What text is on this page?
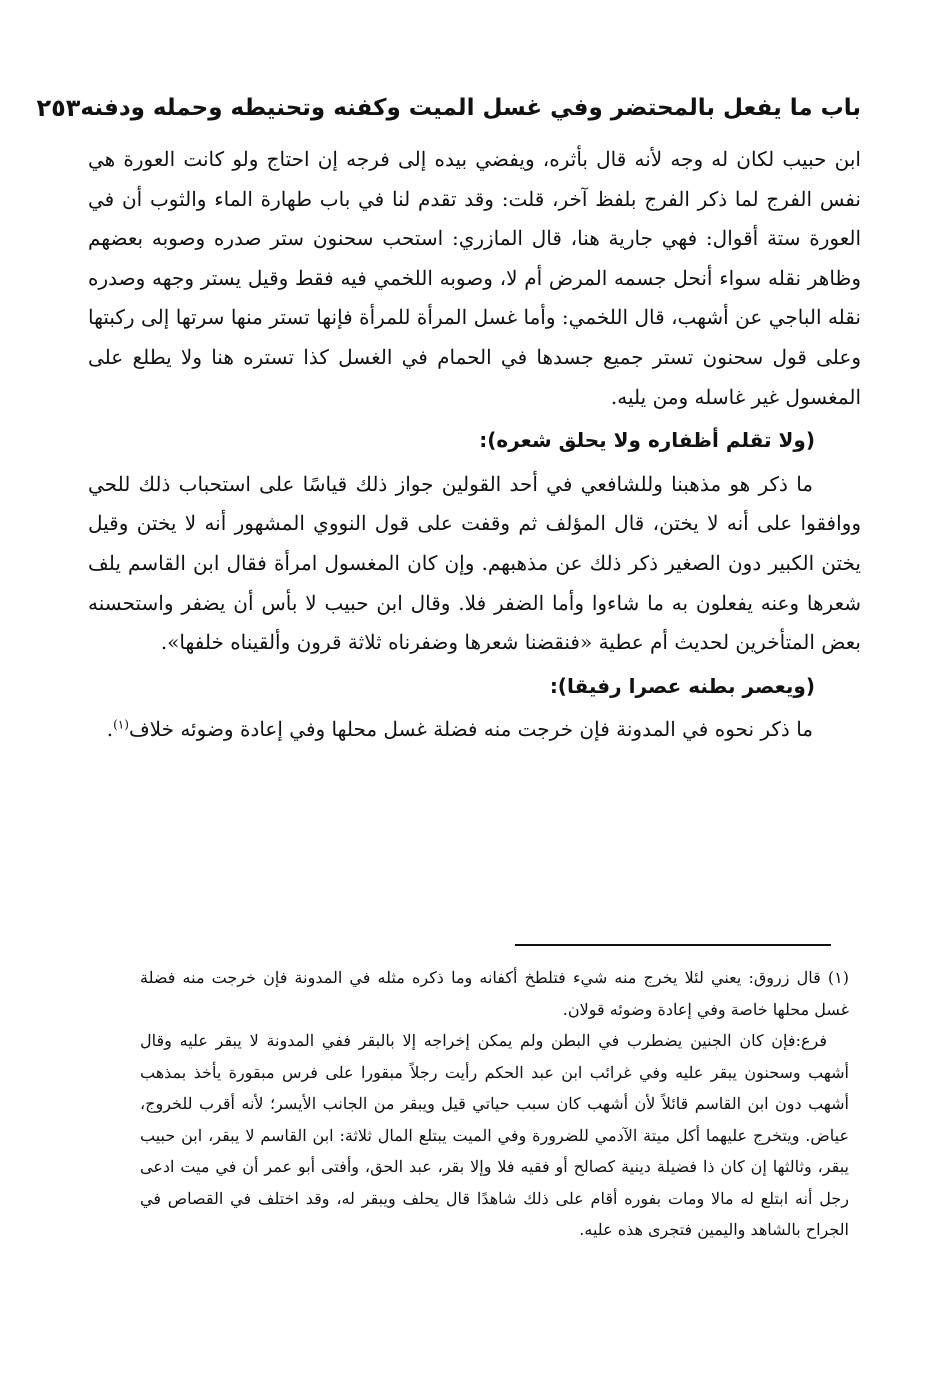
باب ما يفعل بالمحتضر وفي غسل الميت وكفنه وتحنيطه وحمله ودفنه
٢٥٣

ابن حبيب لكان له وجه لأنه قال بأثره، ويفضي بيده إلى فرجه إن احتاج ولو كانت العورة هي نفس الفرج لما ذكر الفرج بلفظ آخر، قلت: وقد تقدم لنا في باب طهارة الماء والثوب أن في العورة ستة أقوال: فهي جارية هنا، قال المازري: استحب سحنون ستر صدره وصوبه بعضهم وظاهر نقله سواء أنحل جسمه المرض أم لا، وصوبه اللخمي فيه فقط وقيل يستر وجهه وصدره نقله الباجي عن أشهب، قال اللخمي: وأما غسل المرأة للمرأة فإنها تستر منها سرتها إلى ركبتها وعلى قول سحنون تستر جميع جسدها في الحمام في الغسل كذا تستره هنا ولا يطلع على المغسول غير غاسله ومن يليه.

(ولا تقلم أظفاره ولا يحلق شعره):

ما ذكر هو مذهبنا وللشافعي في أحد القولين جواز ذلك قياسًا على استحباب ذلك للحي ووافقوا على أنه لا يختن، قال المؤلف ثم وقفت على قول النووي المشهور أنه لا يختن وقيل يختن الكبير دون الصغير ذكر ذلك عن مذهبهم. وإن كان المغسول امرأة فقال ابن القاسم يلف شعرها وعنه يفعلون به ما شاءوا وأما الضفر فلا. وقال ابن حبيب لا بأس أن يضفر واستحسنه بعض المتأخرين لحديث أم عطية «فنقضنا شعرها وضفرناه ثلاثة قرون وألقيناه خلفها».

(ويعصر بطنه عصرا رفيقا):

ما ذكر نحوه في المدونة فإن خرجت منه فضلة غسل محلها وفي إعادة وضوئه خلاف$^{(١)}$.

(١) قال زروق: يعني لئلا يخرج منه شيء فتلطخ أكفانه وما ذكره مثله في المدونة فإن خرجت منه فضلة غسل محلها خاصة وفي إعادة وضوئه قولان.

فرع:فإن كان الجنين يضطرب في البطن ولم يمكن إخراجه إلا بالبقر ففي المدونة لا يبقر عليه وقال أشهب وسحنون يبقر عليه وفي غرائب ابن عبد الحكم رأيت رجلاً مبقورا على فرس مبقورة يأخذ بمذهب أشهب دون ابن القاسم قائلاً لأن أشهب كان سبب حياتي قيل ويبقر من الجانب الأيسر؛ لأنه أقرب للخروج، عياض. ويتخرج عليهما أكل ميتة الآدمي للضرورة وفي الميت يبتلع المال ثلاثة: ابن القاسم لا يبقر، ابن حبيب يبقر، وثالثها إن كان ذا فضيلة دينية كصالح أو فقيه فلا وإلا بقر، عبد الحق، وأفتى أبو عمر أن في ميت ادعى رجل أنه ابتلع له مالا ومات بفوره أقام على ذلك شاهدًا قال يحلف ويبقر له، وقد اختلف في القصاص في الجراح بالشاهد واليمين فتجرى هذه عليه.
